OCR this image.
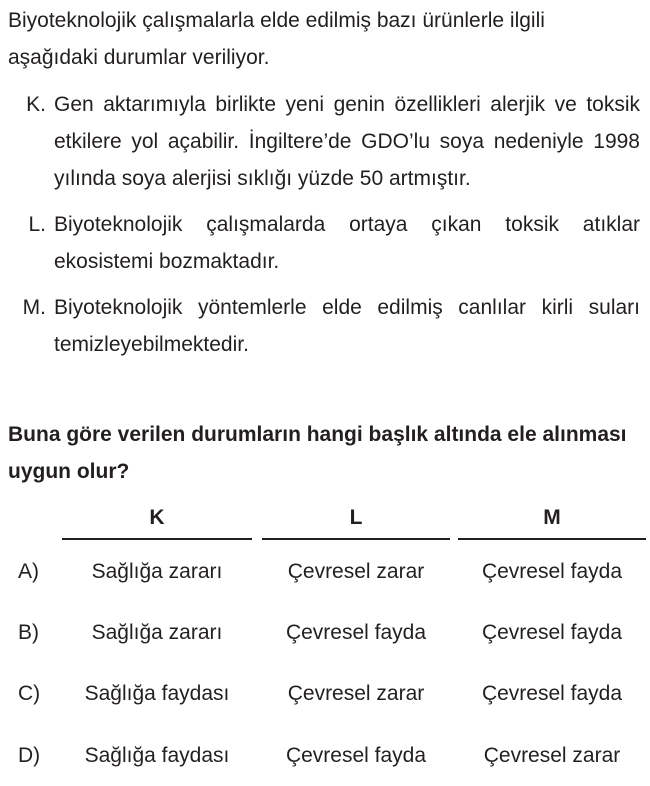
Biyoteknolojik çalışmalarla elde edilmiş bazı ürünlerle ilgili aşağıdaki durumlar veriliyor.
K. Gen aktarımıyla birlikte yeni genin özellikleri alerjik ve toksik etkilere yol açabilir. İngiltere’de GDO’lu soya nedeniyle 1998 yılında soya alerjisi sıklığı yüzde 50 artmıştır.
L. Biyoteknolojik çalışmalarda ortaya çıkan toksik atıklar ekosistemi bozmaktadır.
M. Biyoteknolojik yöntemlerle elde edilmiş canlılar kirli suları temizleyebilmektedir.
Buna göre verilen durumların hangi başlık altında ele alınması uygun olur?
K	L	M
A)	Sağlığa zararı	Çevresel zarar	Çevresel fayda
B)	Sağlığa zararı	Çevresel fayda	Çevresel fayda
C)	Sağlığa faydası	Çevresel zarar	Çevresel fayda
D)	Sağlığa faydası	Çevresel fayda	Çevresel zarar
